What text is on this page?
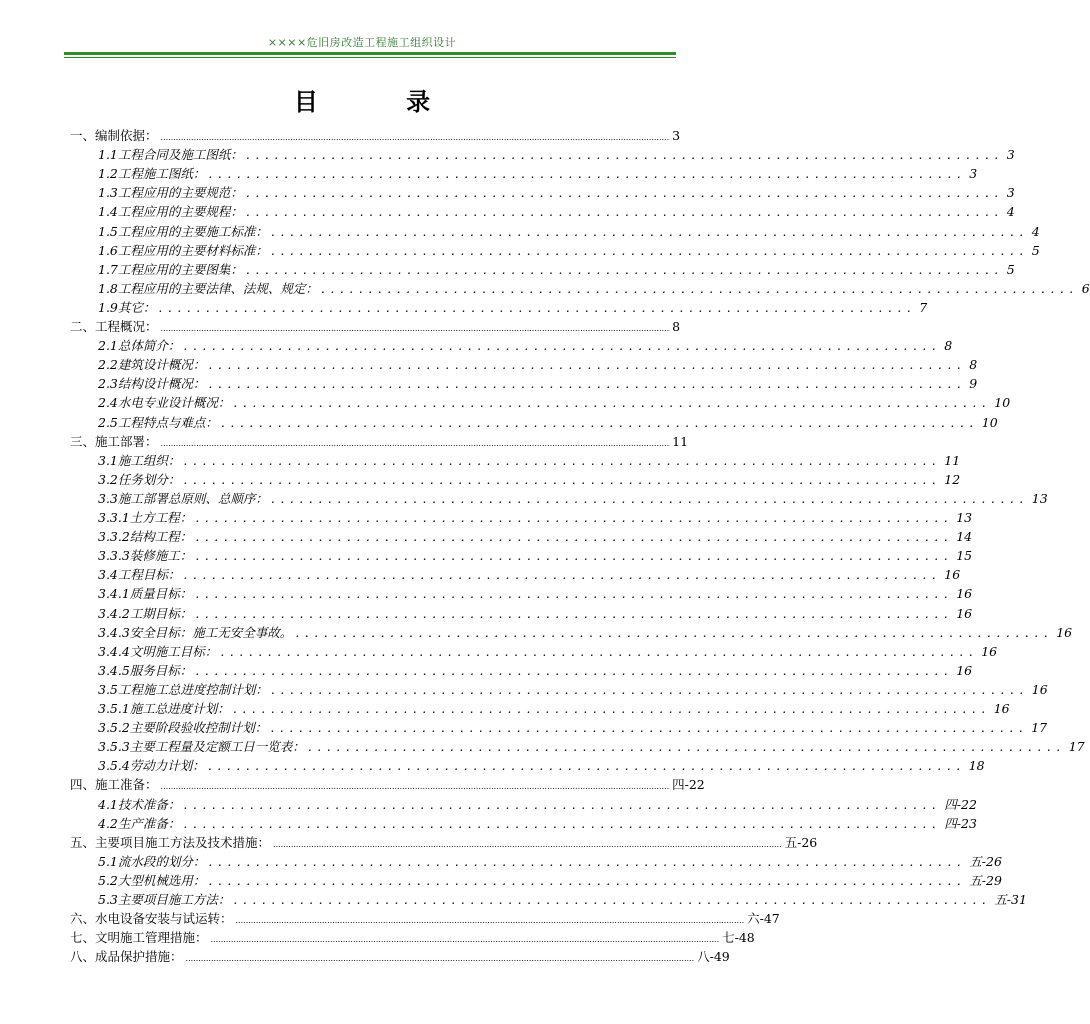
××××危旧房改造工程施工组织设计
目 录
一、 编制依据： ........................................................................................................................................................................................................ 3
1.1工程合同及施工图纸： ................................................................................ 3
1.2工程施工图纸： ................................................................................ 3
1.3工程应用的主要规范： ................................................................................ 3
1.4工程应用的主要规程： ................................................................................ 4
1.5工程应用的主要施工标准： ................................................................................ 4
1.6工程应用的主要材料标准： ................................................................................ 5
1.7工程应用的主要图集： ................................................................................ 5
1.8工程应用的主要法律、法规、规定： ................................................................................ 6
1.9其它： ................................................................................ 7
二、 工程概况： ........................................................................................................................................................................................................ 8
2.1总体简介： ................................................................................ 8
2.2建筑设计概况： ................................................................................ 8
2.3结构设计概况： ................................................................................ 9
2.4水电专业设计概况： ................................................................................ 10
2.5工程特点与难点： ................................................................................ 10
三、 施工部署： ........................................................................................................................................................................................................ 11
3.1施工组织： ................................................................................ 11
3.2任务划分： ................................................................................ 12
3.3施工部署总原则、总顺序： ................................................................................ 13
3.3.1土方工程： ................................................................................ 13
3.3.2结构工程： ................................................................................ 14
3.3.3装修施工： ................................................................................ 15
3.4工程目标： ................................................................................ 16
3.4.1质量目标： ................................................................................ 16
3.4.2工期目标： ................................................................................ 16
3.4.3安全目标：施工无安全事故。 ................................................................................ 16
3.4.4文明施工目标： ................................................................................ 16
3.4.5服务目标： ................................................................................ 16
3.5工程施工总进度控制计划： ................................................................................ 16
3.5.1施工总进度计划： ................................................................................ 16
3.5.2主要阶段验收控制计划： ................................................................................ 17
3.5.3主要工程量及定额工日一览表： ................................................................................ 17
3.5.4劳动力计划： ................................................................................ 18
四、 施工准备： ........................................................................................................................................................................................................ 四-22
4.1技术准备： ................................................................................ 四-22
4.2生产准备： ................................................................................ 四-23
五、 主要项目施工方法及技术措施： ........................................................................................................................................................................................................ 五-26
5.1流水段的划分： ................................................................................ 五-26
5.2大型机械选用： ................................................................................ 五-29
5.3主要项目施工方法： ................................................................................ 五-31
六、 水电设备安装与试运转： ........................................................................................................................................................................................................ 六-47
七、 文明施工管理措施： ........................................................................................................................................................................................................ 七-48
八、 成品保护措施： ........................................................................................................................................................................................................ 八-49
